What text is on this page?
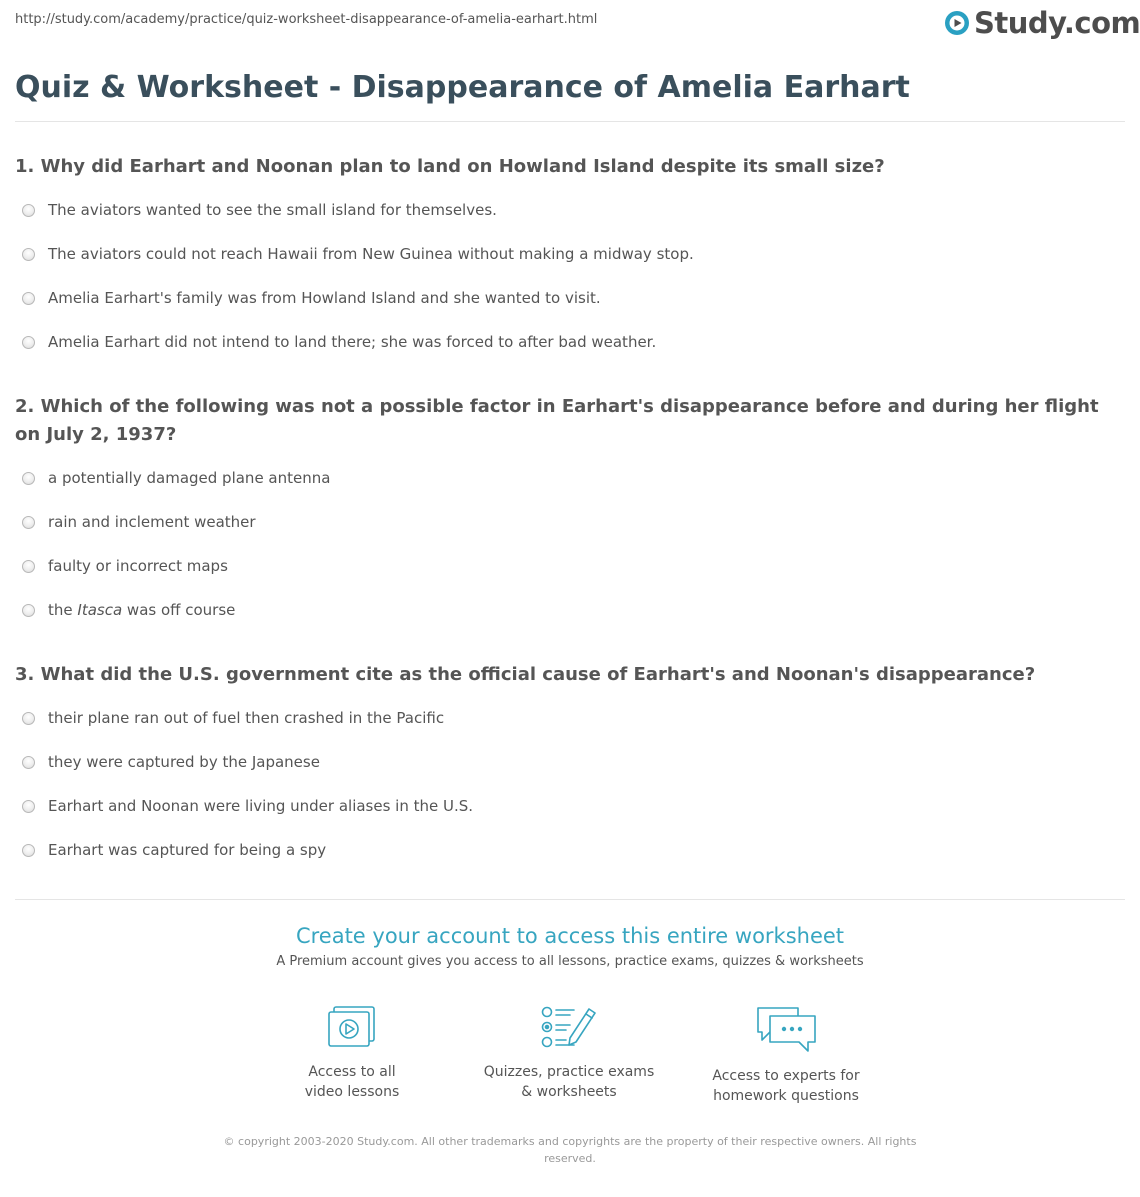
http://study.com/academy/practice/quiz-worksheet-disappearance-of-amelia-earhart.html	Study.com
Quiz & Worksheet - Disappearance of Amelia Earhart
1. Why did Earhart and Noonan plan to land on Howland Island despite its small size?
The aviators wanted to see the small island for themselves.
The aviators could not reach Hawaii from New Guinea without making a midway stop.
Amelia Earhart's family was from Howland Island and she wanted to visit.
Amelia Earhart did not intend to land there; she was forced to after bad weather.
2. Which of the following was not a possible factor in Earhart's disappearance before and during her flight on July 2, 1937?
a potentially damaged plane antenna
rain and inclement weather
faulty or incorrect maps
the Itasca was off course
3. What did the U.S. government cite as the official cause of Earhart's and Noonan's disappearance?
their plane ran out of fuel then crashed in the Pacific
they were captured by the Japanese
Earhart and Noonan were living under aliases in the U.S.
Earhart was captured for being a spy
Create your account to access this entire worksheet
A Premium account gives you access to all lessons, practice exams, quizzes & worksheets
Access to all
video lessons
Quizzes, practice exams
& worksheets
Access to experts for
homework questions
© copyright 2003-2020 Study.com. All other trademarks and copyrights are the property of their respective owners. All rights reserved.
